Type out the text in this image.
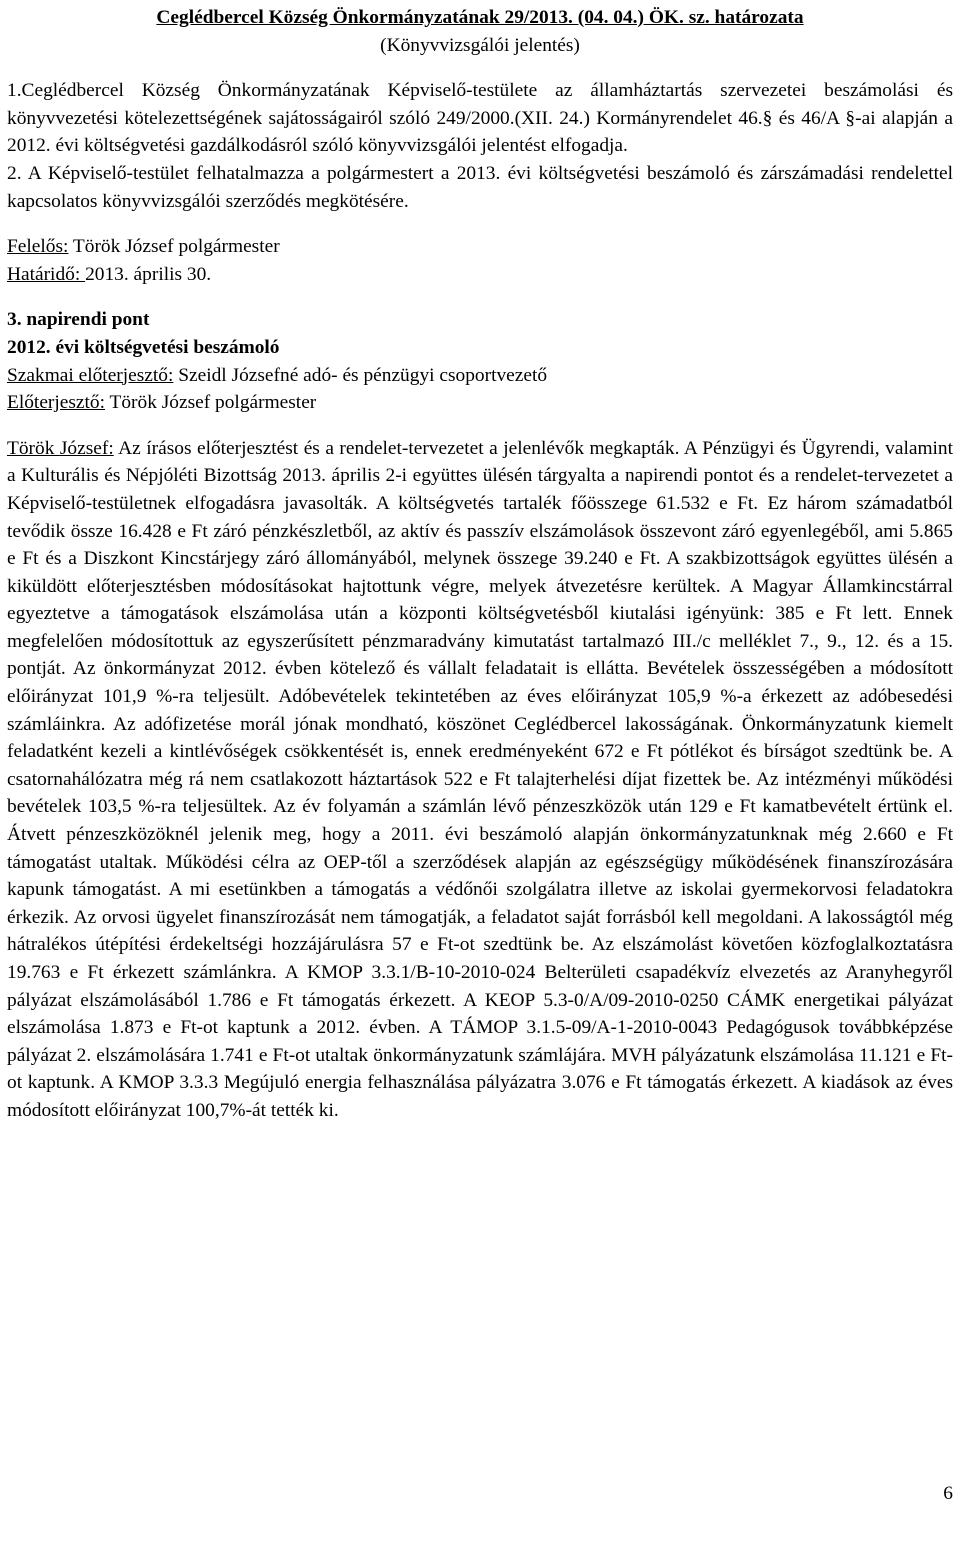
Ceglédbercel Község Önkormányzatának 29/2013. (04. 04.) ÖK. sz. határozata
(Könyvvizsgálói jelentés)

1.Ceglédbercel Község Önkormányzatának Képviselő-testülete az államháztartás szervezetei beszámolási és könyvvezetési kötelezettségének sajátosságairól szóló 249/2000.(XII. 24.) Kormányrendelet 46.§ és 46/A §-ai alapján a 2012. évi költségvetési gazdálkodásról szóló könyvvizsgálói jelentést elfogadja.

2. A Képviselő-testület felhatalmazza a polgármestert a 2013. évi költségvetési beszámoló és zárszámadási rendelettel kapcsolatos könyvvizsgálói szerződés megkötésére.

Felelős: Török József polgármester
Határidő: 2013. április 30.
3. napirendi pont
2012. évi költségvetési beszámoló
Szakmai előterjesztő: Szeidl Józsefné adó- és pénzügyi csoportvezető
Előterjesztő: Török József polgármester

Török József: Az írásos előterjesztést és a rendelet-tervezetet a jelenlévők megkapták. A Pénzügyi és Ügyrendi, valamint a Kulturális és Népjóléti Bizottság 2013. április 2-i együttes ülésén tárgyalta a napirendi pontot és a rendelet-tervezetet a Képviselő-testületnek elfogadásra javasolták. A költségvetés tartalék főösszege 61.532 e Ft. Ez három számadatból tevődik össze 16.428 e Ft záró pénzkészletből, az aktív és passzív elszámolások összevont záró egyenlegéből, ami 5.865 e Ft és a Diszkont Kincstárjegy záró állományából, melynek összege 39.240 e Ft. A szakbizottságok együttes ülésén a kiküldött előterjesztésben módosításokat hajtottunk végre, melyek átvezetésre kerültek. A Magyar Államkincstárral egyeztetve a támogatások elszámolása után a központi költségvetésből kiutalási igényünk: 385 e Ft lett. Ennek megfelelően módosítottuk az egyszerűsített pénzmaradvány kimutatást tartalmazó III./c melléklet 7., 9., 12. és a 15. pontját. Az önkormányzat 2012. évben kötelező és vállalt feladatait is ellátta. Bevételek összességében a módosított előirányzat 101,9 %-ra teljesült. Adóbevételek tekintetében az éves előirányzat 105,9 %-a érkezett az adóbesedési számláinkra. Az adófizetése morál jónak mondható, köszönet Ceglédbercel lakosságának. Önkormányzatunk kiemelt feladatként kezeli a kintlévőségek csökkentését is, ennek eredményeként 672 e Ft pótlékot és bírságot szedtünk be. A csatornahálózatra még rá nem csatlakozott háztartások 522 e Ft talajterhelési díjat fizettek be. Az intézményi működési bevételek 103,5 %-ra teljesültek. Az év folyamán a számlán lévő pénzeszközök után 129 e Ft kamatbevételt értünk el. Átvett pénzeszközöknél jelenik meg, hogy a 2011. évi beszámoló alapján önkormányzatunknak még 2.660 e Ft támogatást utaltak. Működési célra az OEP-től a szerződések alapján az egészségügy működésének finanszírozására kapunk támogatást. A mi esetünkben a támogatás a védőnői szolgálatra illetve az iskolai gyermekorvosi feladatokra érkezik. Az orvosi ügyelet finanszírozását nem támogatják, a feladatot saját forrásból kell megoldani. A lakosságtól még hátralékos útépítési érdekeltségi hozzájárulásra 57 e Ft-ot szedtünk be. Az elszámolást követően közfoglalkoztatásra 19.763 e Ft érkezett számlánkra. A KMOP 3.3.1/B-10-2010-024 Belterületi csapadékvíz elvezetés az Aranyhegyről pályázat elszámolásából 1.786 e Ft támogatás érkezett. A KEOP 5.3-0/A/09-2010-0250 CÁMK energetikai pályázat elszámolása 1.873 e Ft-ot kaptunk a 2012. évben. A TÁMOP 3.1.5-09/A-1-2010-0043 Pedagógusok továbbképzése pályázat 2. elszámolására 1.741 e Ft-ot utaltak önkormányzatunk számlájára. MVH pályázatunk elszámolása 11.121 e Ft-ot kaptunk. A KMOP 3.3.3 Megújuló energia felhasználása pályázatra 3.076 e Ft támogatás érkezett. A kiadások az éves módosított előirányzat 100,7%-át tették ki.

6
